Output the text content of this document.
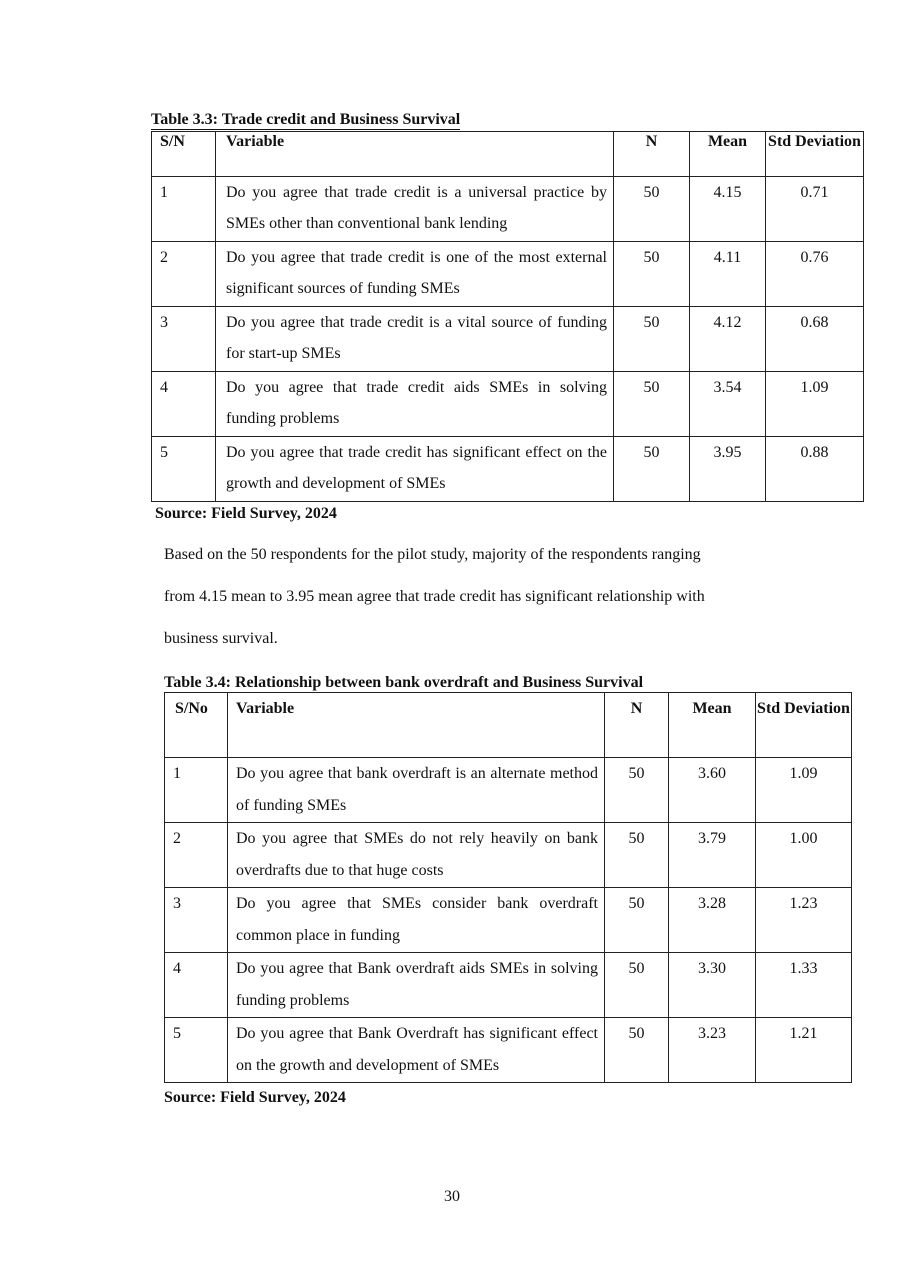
Table 3.3: Trade credit and Business Survival
S/N	Variable	N	Mean	Std Deviation
1	Do you agree that trade credit is a universal practice by SMEs other than conventional bank lending	50	4.15	0.71
2	Do you agree that trade credit is one of the most external significant sources of funding SMEs	50	4.11	0.76
3	Do you agree that trade credit is a vital source of funding for start-up SMEs	50	4.12	0.68
4	Do you agree that trade credit aids SMEs in solving funding problems	50	3.54	1.09
5	Do you agree that trade credit has significant effect on the growth and development of SMEs	50	3.95	0.88
Source: Field Survey, 2024
Based on the 50 respondents for the pilot study, majority of the respondents ranging
from 4.15 mean to 3.95 mean agree that trade credit has significant relationship with
business survival.
Table 3.4: Relationship between bank overdraft and Business Survival
S/No	Variable	N	Mean	Std Deviation
1	Do you agree that bank overdraft is an alternate method of funding SMEs	50	3.60	1.09
2	Do you agree that SMEs do not rely heavily on bank overdrafts due to that huge costs	50	3.79	1.00
3	Do you agree that SMEs consider bank overdraft common place in funding	50	3.28	1.23
4	Do you agree that Bank overdraft aids SMEs in solving funding problems	50	3.30	1.33
5	Do you agree that Bank Overdraft has significant effect on the growth and development of SMEs	50	3.23	1.21
Source: Field Survey, 2024
30
